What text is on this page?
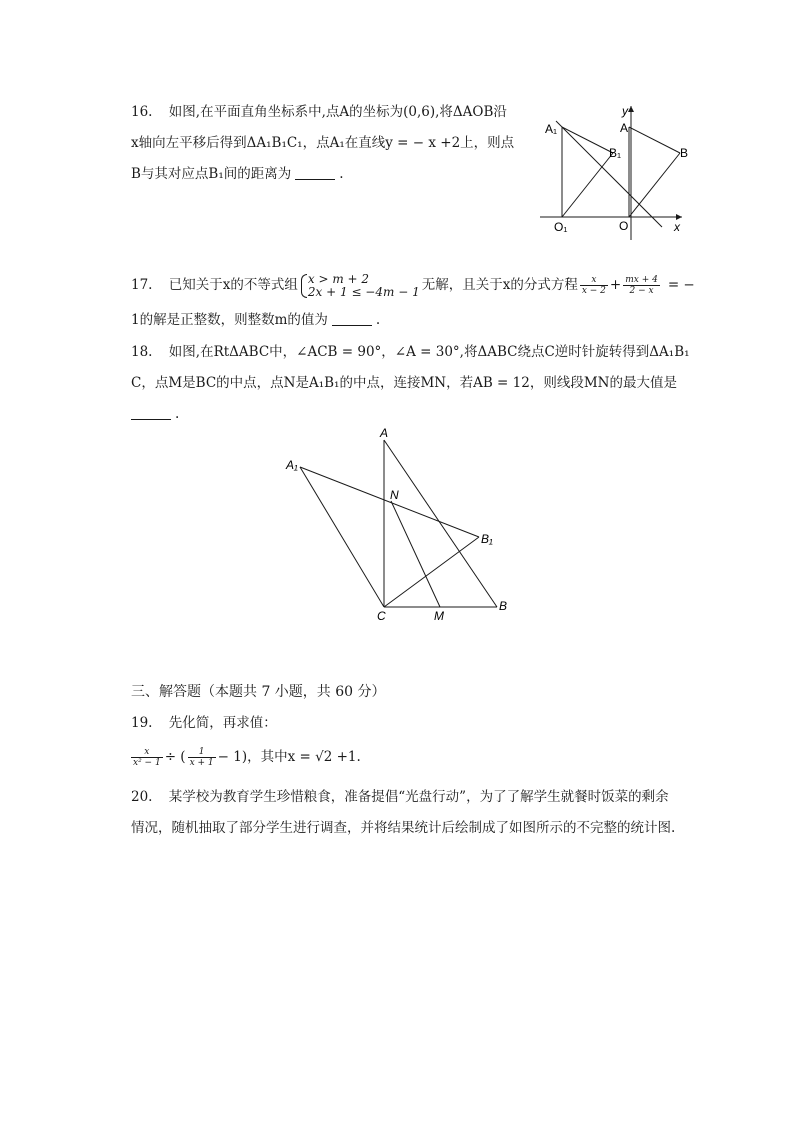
16. 如图,在平面直角坐标系中,点A的坐标为(0,6),将ΔAOB沿
x轴向左平移后得到ΔA₁B₁C₁，点A₁在直线y = − x +2上，则点
B与其对应点B₁间的距离为	.
A₁	A
B₁	B
O₁	O	x
y
17. 已知关于x的不等式组 x > m + 2
2x + 1 ≤ −4m − 1 无解，且关于x的分式方程 $\frac{x}{x - 2} + \frac{mx + 4}{2 - x}$ = −
1的解是正整数，则整数m的值为	.
18. 如图,在RtΔABC中，∠ACB = 90°，∠A = 30°,将ΔABC绕点C逆时针旋转得到ΔA₁B₁
C，点M是BC的中点，点N是A₁B₁的中点，连接MN，若AB = 12，则线段MN的最大值是
.
A
A₁
N
B₁
C	M
B
三、解答题（本题共 7 小题，共 60 分）
19. 先化简，再求值：
$\frac{x}{\text{x² − 1}}$ ÷ ( $\frac{1}{x + 1} - 1$)，其中x = √2 +1.
20. 某学校为教育学生珍惜粮食，准备提倡“光盘行动”，为了了解学生就餐时饭菜的剩余
情况，随机抽取了部分学生进行调查，并将结果统计后绘制成了如图所示的不完整的统计图.
